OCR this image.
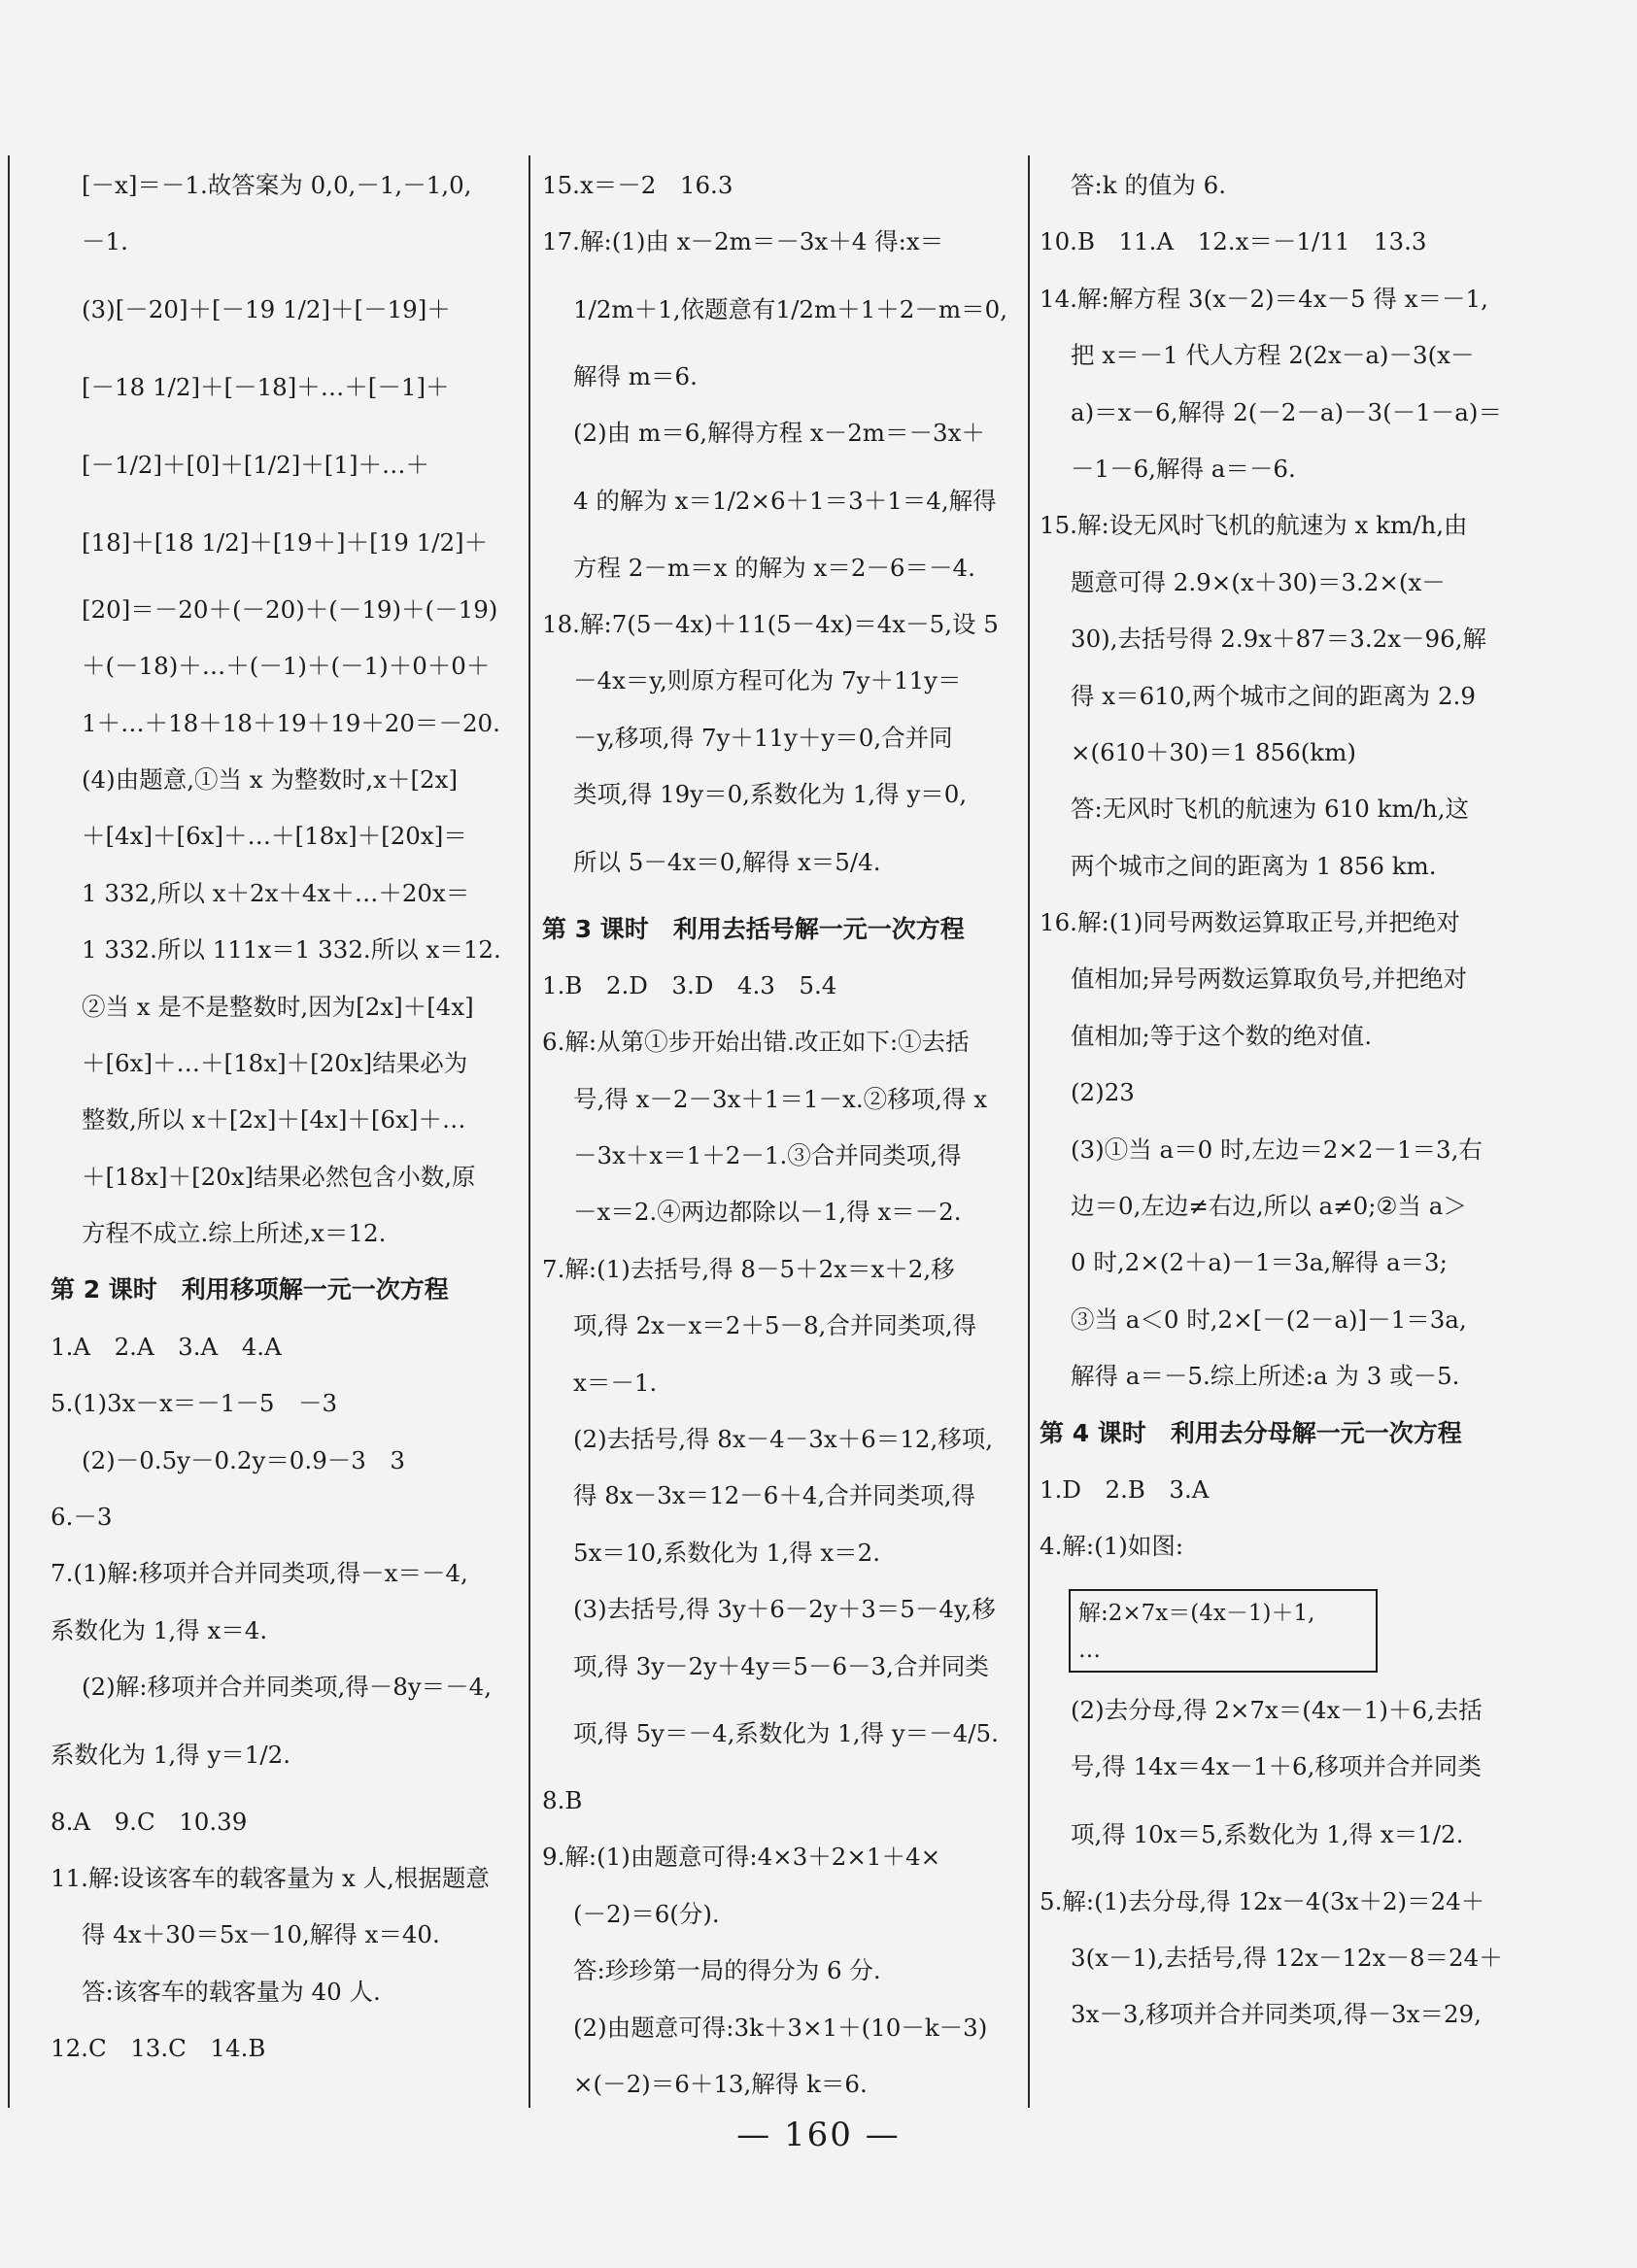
[－x]＝－1.故答案为 0,0,－1,－1,0,
－1.
(3)[－20]＋[－19 1/2]＋[－19]＋
[－18 1/2]＋[－18]＋…＋[－1]＋
[－1/2]＋[0]＋[1/2]＋[1]＋…＋
[18]＋[18 1/2]＋[19＋]＋[19 1/2]＋
[20]＝－20＋(－20)＋(－19)＋(－19)
＋(－18)＋…＋(－1)＋(－1)＋0＋0＋
1＋…＋18＋18＋19＋19＋20＝－20.
(4)由题意,①当 x 为整数时,x＋[2x]
＋[4x]＋[6x]＋…＋[18x]＋[20x]＝
1 332,所以 x＋2x＋4x＋…＋20x＝
1 332.所以 111x＝1 332.所以 x＝12.
②当 x 是不是整数时,因为[2x]＋[4x]
＋[6x]＋…＋[18x]＋[20x]结果必为
整数,所以 x＋[2x]＋[4x]＋[6x]＋…
＋[18x]＋[20x]结果必然包含小数,原
方程不成立.综上所述,x＝12.
第 2 课时　利用移项解一元一次方程
1.A　2.A　3.A　4.A
5.(1)3x－x＝－1－5　－3
(2)－0.5y－0.2y＝0.9－3　3
6.－3
7.(1)解:移项并合并同类项,得－x＝－4,
系数化为 1,得 x＝4.
(2)解:移项并合并同类项,得－8y＝－4,
系数化为 1,得 y＝1/2.
8.A　9.C　10.39
11.解:设该客车的载客量为 x 人,根据题意
得 4x＋30＝5x－10,解得 x＝40.
答:该客车的载客量为 40 人.
12.C　13.C　14.B
15.x＝－2　16.3
17.解:(1)由 x－2m＝－3x＋4 得:x＝
1/2m＋1,依题意有1/2m＋1＋2－m＝0,
解得 m＝6.
(2)由 m＝6,解得方程 x－2m＝－3x＋
4 的解为 x＝1/2×6＋1＝3＋1＝4,解得
方程 2－m＝x 的解为 x＝2－6＝－4.
18.解:7(5－4x)＋11(5－4x)＝4x－5,设 5
－4x＝y,则原方程可化为 7y＋11y＝
－y,移项,得 7y＋11y＋y＝0,合并同
类项,得 19y＝0,系数化为 1,得 y＝0,
所以 5－4x＝0,解得 x＝5/4.
第 3 课时　利用去括号解一元一次方程
1.B　2.D　3.D　4.3　5.4
6.解:从第①步开始出错.改正如下:①去括
号,得 x－2－3x＋1＝1－x.②移项,得 x
－3x＋x＝1＋2－1.③合并同类项,得
－x＝2.④两边都除以－1,得 x＝－2.
7.解:(1)去括号,得 8－5＋2x＝x＋2,移
项,得 2x－x＝2＋5－8,合并同类项,得
x＝－1.
(2)去括号,得 8x－4－3x＋6＝12,移项,
得 8x－3x＝12－6＋4,合并同类项,得
5x＝10,系数化为 1,得 x＝2.
(3)去括号,得 3y＋6－2y＋3＝5－4y,移
项,得 3y－2y＋4y＝5－6－3,合并同类
项,得 5y＝－4,系数化为 1,得 y＝－4/5.
8.B
9.解:(1)由题意可得:4×3＋2×1＋4×
(－2)＝6(分).
答:珍珍第一局的得分为 6 分.
(2)由题意可得:3k＋3×1＋(10－k－3)
×(－2)＝6＋13,解得 k＝6.
答:k 的值为 6.
10.B　11.A　12.x＝－1/11　13.3
14.解:解方程 3(x－2)＝4x－5 得 x＝－1,
把 x＝－1 代人方程 2(2x－a)－3(x－
a)＝x－6,解得 2(－2－a)－3(－1－a)＝
－1－6,解得 a＝－6.
15.解:设无风时飞机的航速为 x km/h,由
题意可得 2.9×(x＋30)＝3.2×(x－
30),去括号得 2.9x＋87＝3.2x－96,解
得 x＝610,两个城市之间的距离为 2.9
×(610＋30)＝1 856(km)
答:无风时飞机的航速为 610 km/h,这
两个城市之间的距离为 1 856 km.
16.解:(1)同号两数运算取正号,并把绝对
值相加;异号两数运算取负号,并把绝对
值相加;等于这个数的绝对值.
(2)23
(3)①当 a＝0 时,左边＝2×2－1＝3,右
边＝0,左边≠右边,所以 a≠0;②当 a＞
0 时,2×(2＋a)－1＝3a,解得 a＝3;
③当 a＜0 时,2×[－(2－a)]－1＝3a,
解得 a＝－5.综上所述:a 为 3 或－5.
第 4 课时　利用去分母解一元一次方程
1.D　2.B　3.A
4.解:(1)如图:
解:2×7x＝(4x－1)＋1,
…
(2)去分母,得 2×7x＝(4x－1)＋6,去括
号,得 14x＝4x－1＋6,移项并合并同类
项,得 10x＝5,系数化为 1,得 x＝1/2.
5.解:(1)去分母,得 12x－4(3x＋2)＝24＋
3(x－1),去括号,得 12x－12x－8＝24＋
3x－3,移项并合并同类项,得－3x＝29,
— 160 —
